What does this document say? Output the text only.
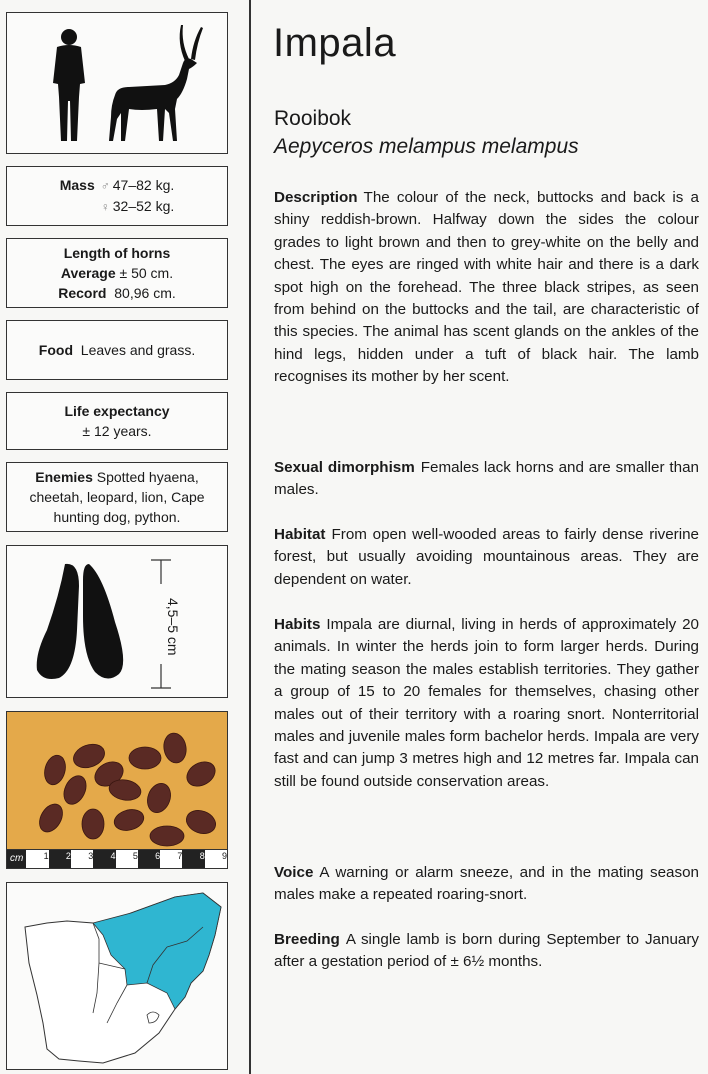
Mass ♂ 47–82 kg.
♀ 32–52 kg.
Length of horns
Average ± 50 cm.
Record 80,96 cm.
Food Leaves and grass.
Life expectancy
± 12 years.
Enemies Spotted hyaena, cheetah, leopard, lion, Cape hunting dog, python.
4,5–5 cm
cm	1	2	3	4	5	6	7	8	9
Impala
Rooibok
Aepyceros melampus melampus
Description The colour of the neck, buttocks and back is a shiny reddish-brown. Halfway down the sides the colour grades to light brown and then to grey-white on the belly and chest. The eyes are ringed with white hair and there is a dark spot high on the forehead. The three black stripes, as seen from behind on the buttocks and the tail, are characteristic of this species. The animal has scent glands on the ankles of the hind legs, hidden under a tuft of black hair. The lamb recognises its mother by her scent.
Sexual dimorphism Females lack horns and are smaller than males.
Habitat From open well-wooded areas to fairly dense riverine forest, but usually avoiding mountainous areas. They are dependent on water.
Habits Impala are diurnal, living in herds of approximately 20 animals. In winter the herds join to form larger herds. During the mating season the males establish territories. They gather a group of 15 to 20 females for themselves, chasing other males out of their territory with a roaring snort. Nonterritorial males and juvenile males form bachelor herds. Impala are very fast and can jump 3 metres high and 12 metres far. Impala can still be found outside conservation areas.
Voice A warning or alarm sneeze, and in the mating season males make a repeated roaring-snort.
Breeding A single lamb is born during September to January after a gestation period of ± 6½ months.
